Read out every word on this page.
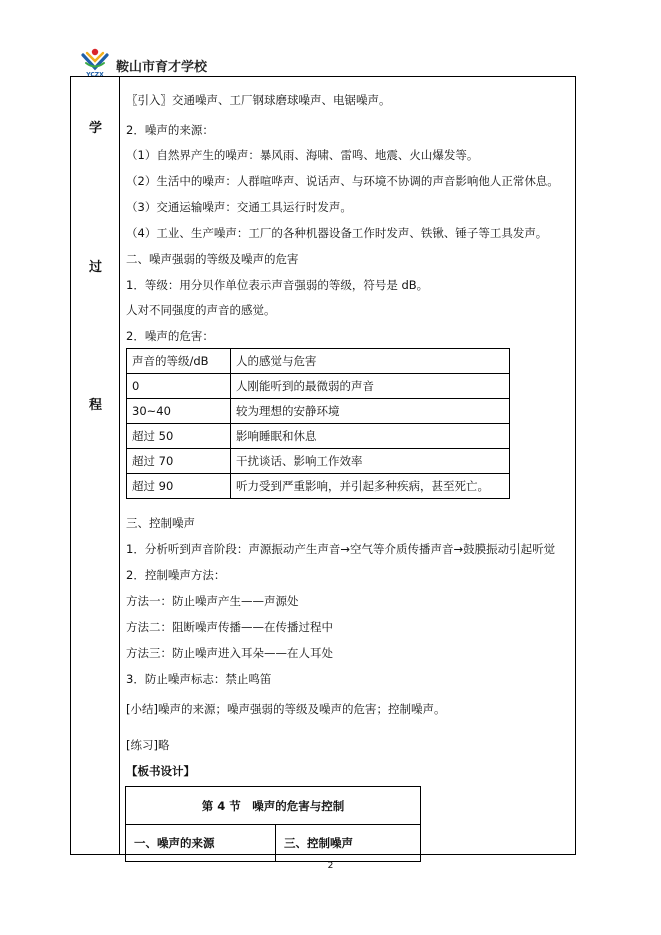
YCZX 鞍山市育才学校
学
过
程
〖引入〗交通噪声、工厂钢球磨球噪声、电锯噪声。
2．噪声的来源：
（1）自然界产生的噪声：暴风雨、海啸、雷鸣、地震、火山爆发等。
（2）生活中的噪声：人群喧哗声、说话声、与环境不协调的声音影响他人正常休息。
（3）交通运输噪声：交通工具运行时发声。
（4）工业、生产噪声：工厂的各种机器设备工作时发声、铁锹、锤子等工具发声。
二、噪声强弱的等级及噪声的危害
1．等级：用分贝作单位表示声音强弱的等级，符号是 dB。
人对不同强度的声音的感觉。
2．噪声的危害：
声音的等级/dB	人的感觉与危害
0	人刚能听到的最微弱的声音
30~40	较为理想的安静环境
超过 50	影响睡眠和休息
超过 70	干扰谈话、影响工作效率
超过 90	听力受到严重影响，并引起多种疾病，甚至死亡。
三、控制噪声
1．分析听到声音阶段：声源振动产生声音→空气等介质传播声音→鼓膜振动引起听觉
2．控制噪声方法：
方法一：防止噪声产生——声源处
方法二：阻断噪声传播——在传播过程中
方法三：防止噪声进入耳朵——在人耳处
3．防止噪声标志：禁止鸣笛
[小结]噪声的来源；噪声强弱的等级及噪声的危害；控制噪声。
[练习]略
【板书设计】
第 4 节　噪声的危害与控制
一、噪声的来源	三、控制噪声
2
